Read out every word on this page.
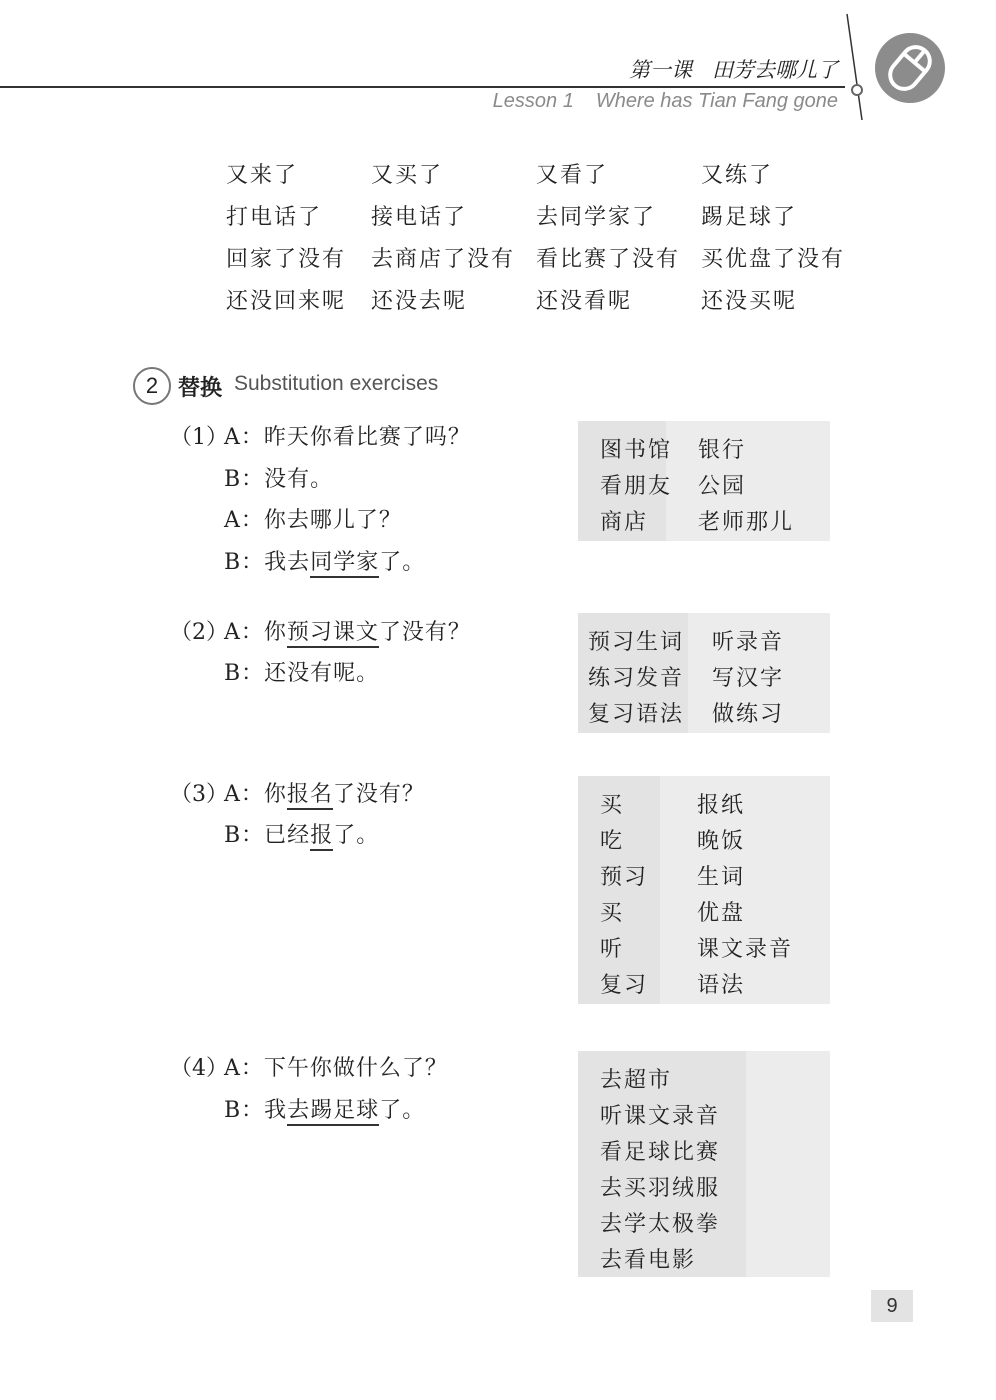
第一课 田芳去哪儿了
Lesson 1 Where has Tian Fang gone
又来了	又买了	又看了	又练了
打电话了 接电话了	去同学家了 踢足球了
回家了没有 去商店了没有 看比赛了没有 买优盘了没有
还没回来呢 还没去呢	还没看呢	还没买呢
2 替换 Substitution exercises
（1）
A：昨天你看比赛了吗？
B：没有。
A：你去哪儿了？
B：我去同学家了。
图书馆 银行
看朋友 公园
商店 老师那儿
（2）
A：你预习课文了没有？
B：还没有呢。
预习生词 听录音
练习发音 写汉字
复习语法 做练习
（3）
A：你报名了没有？
B：已经报了。
买	报纸
吃	晚饭
预习 生词
买	优盘
听	课文录音
复习 语法
（4）
A：下午你做什么了？
B：我去踢足球了。
去超市
听课文录音
看足球比赛
去买羽绒服
去学太极拳
去看电影
9
